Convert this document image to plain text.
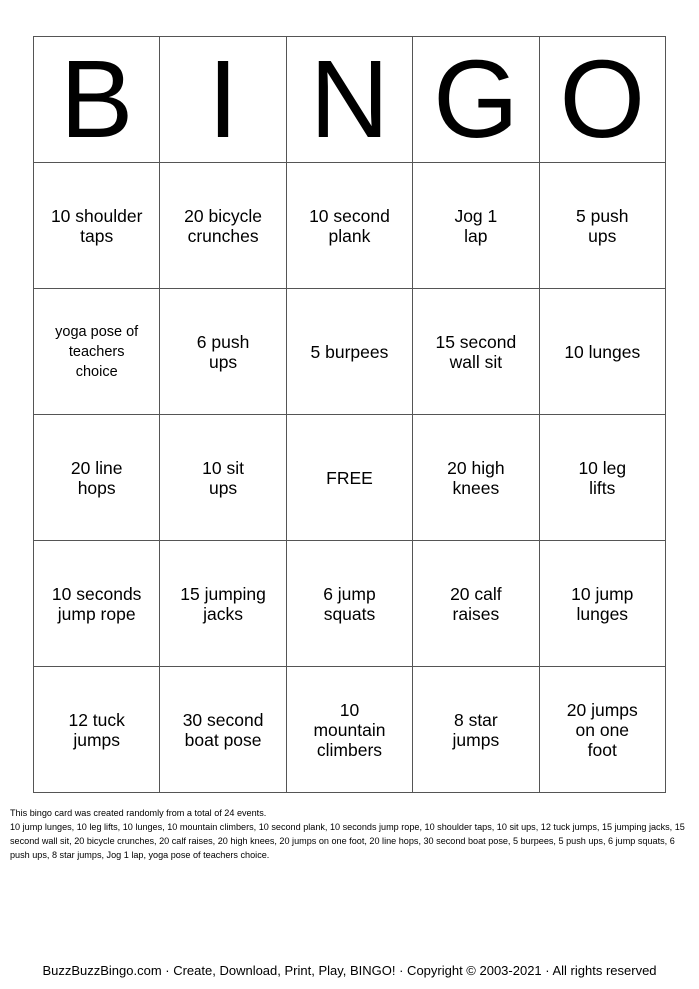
B	I	N	G	O
10 shoulder taps	20 bicycle crunches	10 second plank	Jog 1 lap	5 push ups
yoga pose of teachers choice	6 push ups	5 burpees	15 second wall sit	10 lunges
20 line hops	10 sit ups	FREE	20 high knees	10 leg lifts
10 seconds jump rope	15 jumping jacks	6 jump squats	20 calf raises	10 jump lunges
12 tuck jumps	30 second boat pose	10 mountain climbers	8 star jumps	20 jumps on one foot

This bingo card was created randomly from a total of 24 events.

10 jump lunges, 10 leg lifts, 10 lunges, 10 mountain climbers, 10 second plank, 10 seconds jump rope, 10 shoulder taps, 10 sit ups, 12 tuck jumps, 15 jumping jacks, 15 second wall sit, 20 bicycle crunches, 20 calf raises, 20 high knees, 20 jumps on one foot, 20 line hops, 30 second boat pose, 5 burpees, 5 push ups, 6 jump squats, 6 push ups, 8 star jumps, Jog 1 lap, yoga pose of teachers choice.

BuzzBuzzBingo.com · Create, Download, Print, Play, BINGO! · Copyright © 2003-2021 · All rights reserved
